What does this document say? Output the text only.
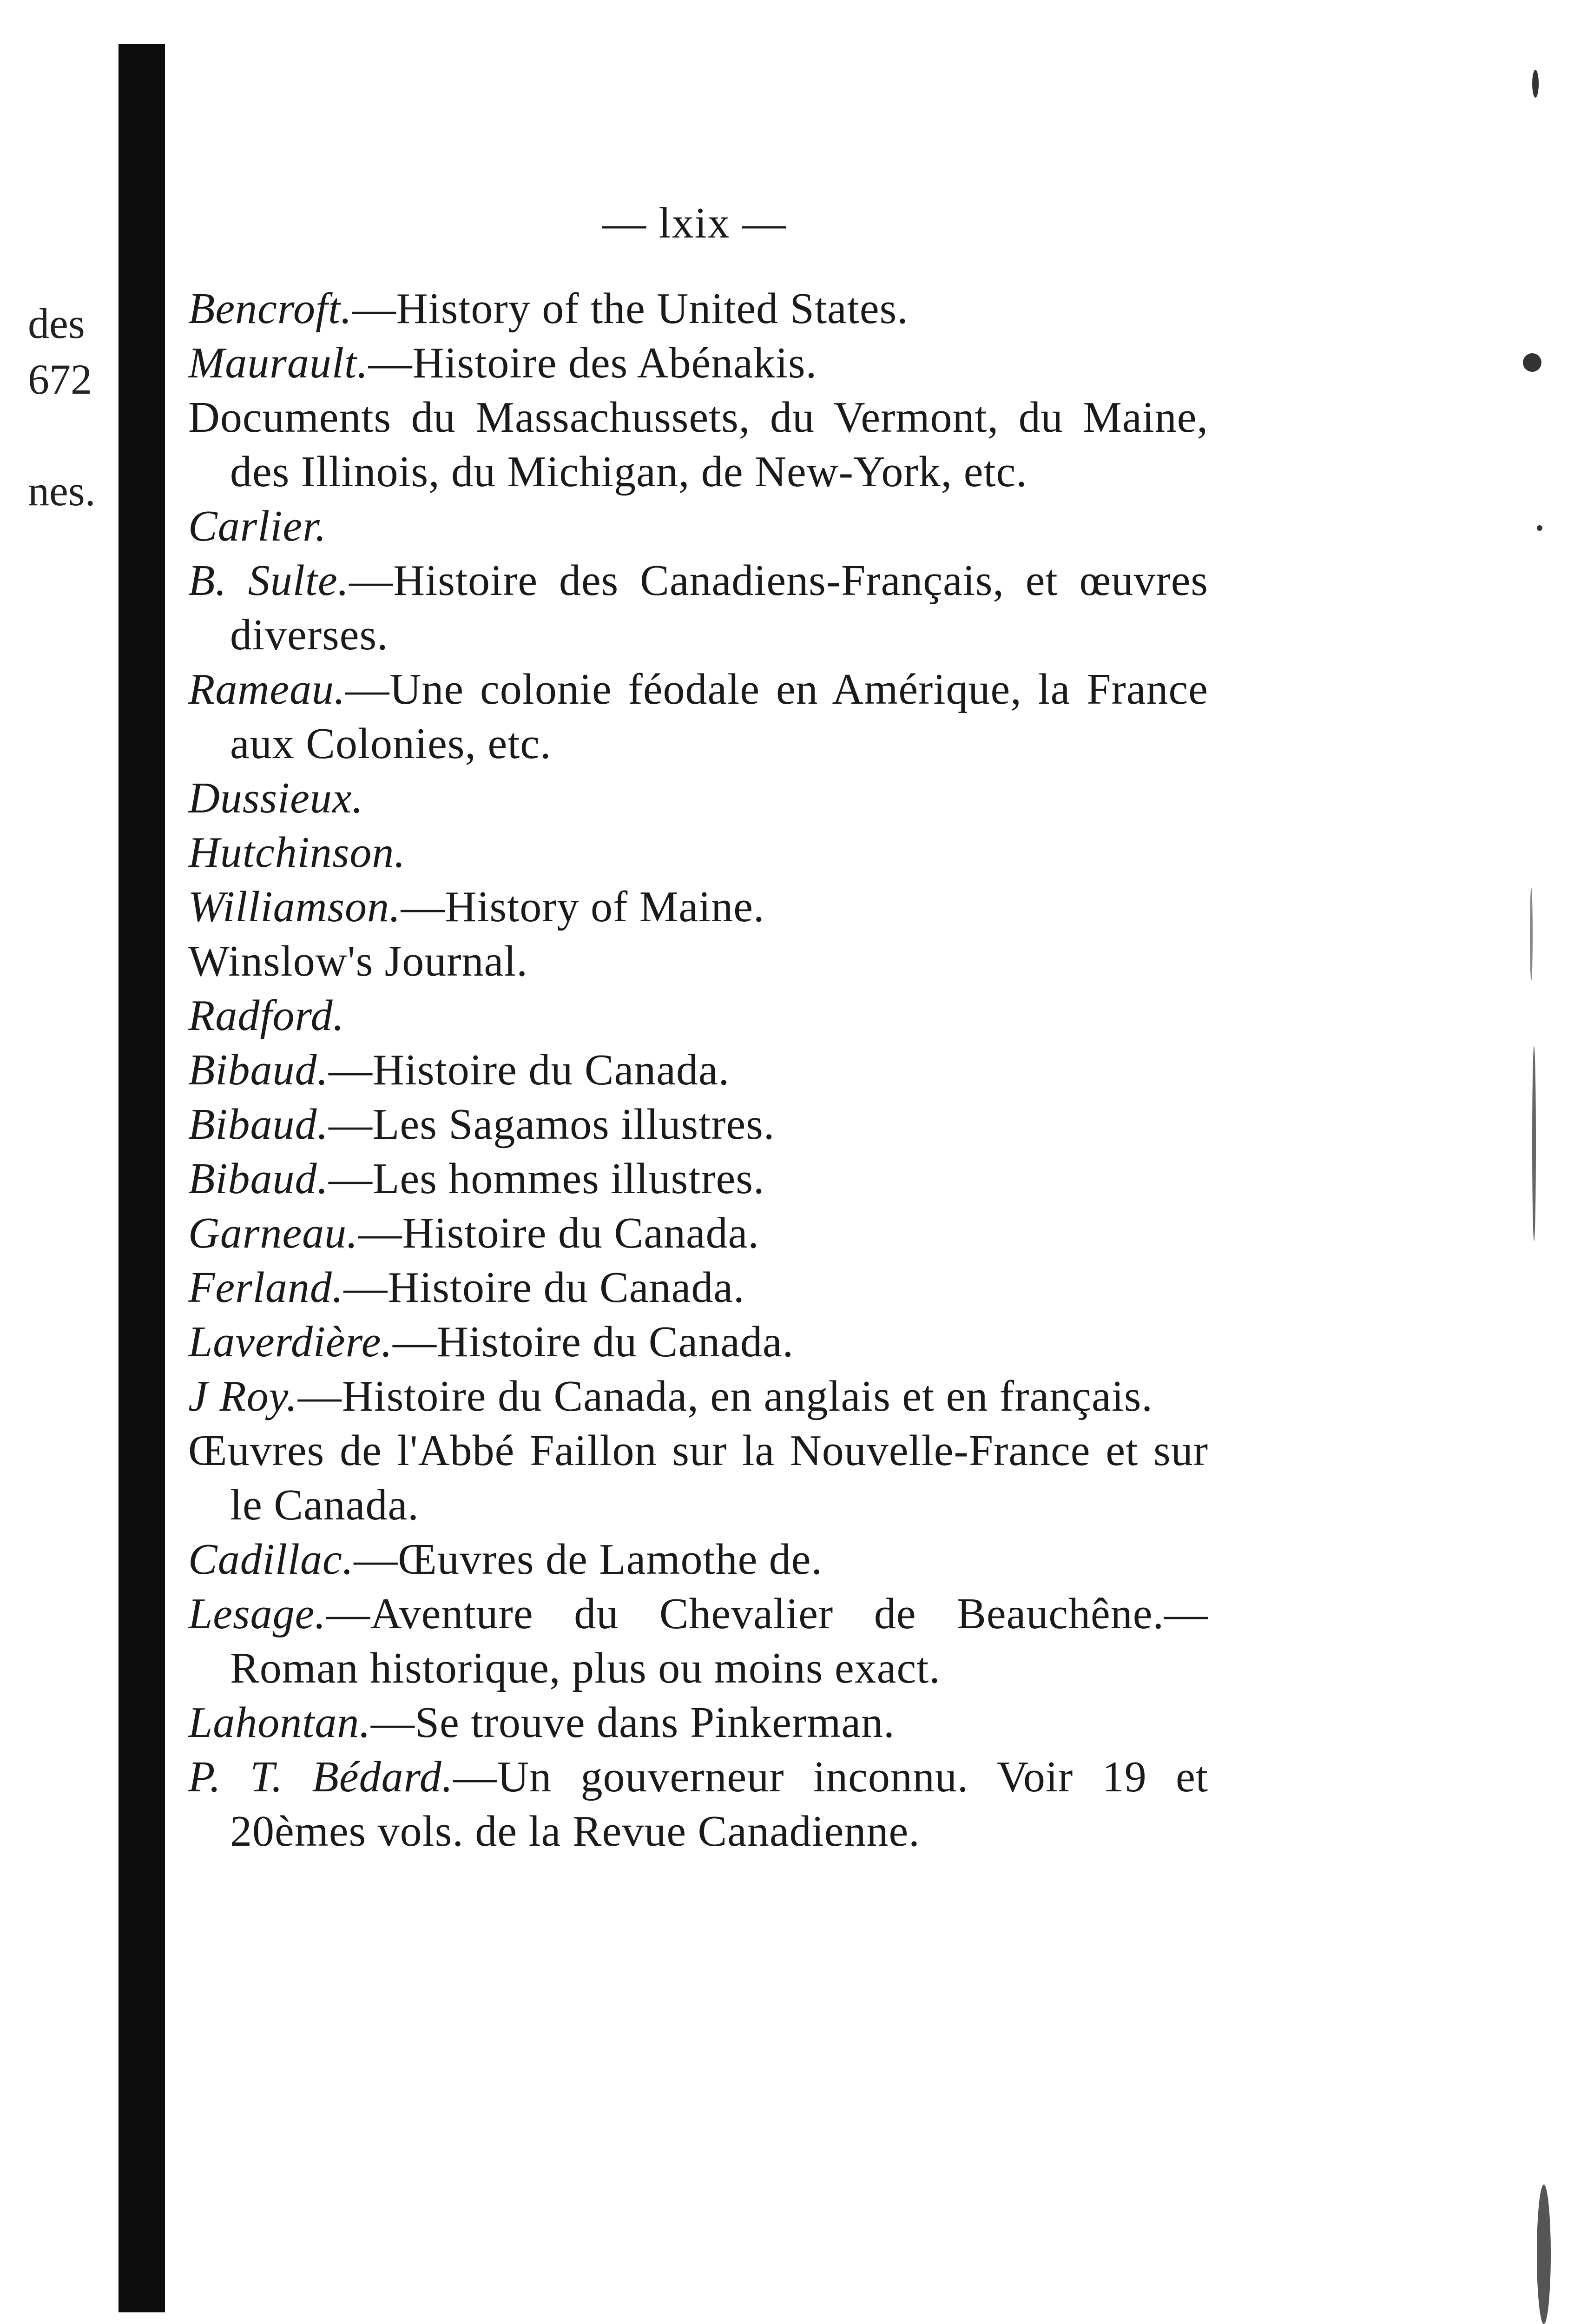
des
672
nes.
— lxix —

Bencroft.—History of the United States.

Maurault.—Histoire des Abénakis.

Documents du Massachussets, du Vermont, du Maine, des Illinois, du Michigan, de New-York, etc.

Carlier.

B. Sulte.—Histoire des Canadiens-Français, et œuvres diverses.

Rameau.—Une colonie féodale en Amérique, la France aux Colonies, etc.

Dussieux.

Hutchinson.

Williamson.—History of Maine.

Winslow's Journal.

Radford.

Bibaud.—Histoire du Canada.

Bibaud.—Les Sagamos illustres.

Bibaud.—Les hommes illustres.

Garneau.—Histoire du Canada.

Ferland.—Histoire du Canada.

Laverdière.—Histoire du Canada.

J Roy.—Histoire du Canada, en anglais et en français.

Œuvres de l'Abbé Faillon sur la Nouvelle-France et sur le Canada.

Cadillac.—Œuvres de Lamothe de.

Lesage.—Aventure du Chevalier de Beauchêne.—Roman historique, plus ou moins exact.

Lahontan.—Se trouve dans Pinkerman.

P. T. Bédard.—Un gouverneur inconnu. Voir 19 et 20èmes vols. de la Revue Canadienne.
